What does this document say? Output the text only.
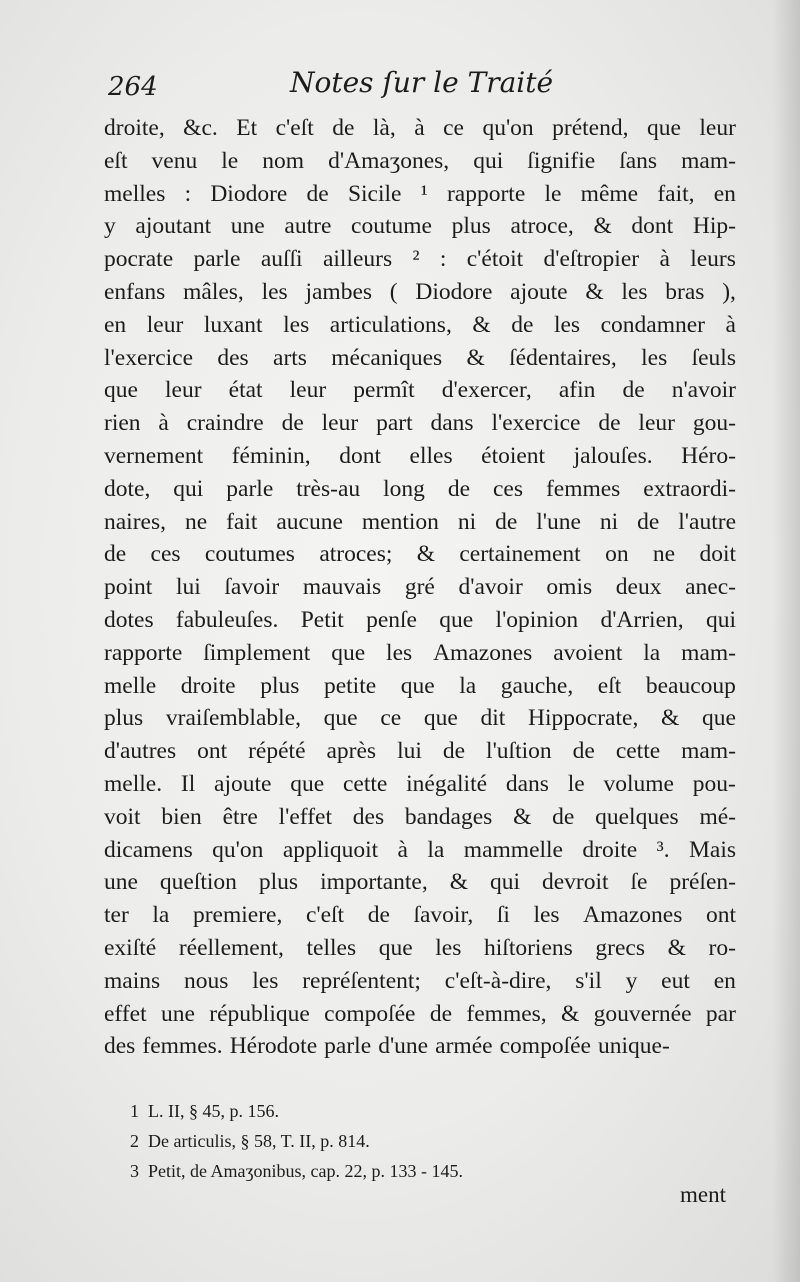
264	Notes ſur le Traité
droite, &c. Et c'eſt de là, à ce qu'on prétend, que leur
eſt venu le nom d'Amaʒones, qui ſignifie ſans mam-
melles : Diodore de Sicile ¹ rapporte le même fait, en
y ajoutant une autre coutume plus atroce, & dont Hip-
pocrate parle auſſi ailleurs ² : c'étoit d'eſtropier à leurs
enfans mâles, les jambes ( Diodore ajoute & les bras ),
en leur luxant les articulations, & de les condamner à
l'exercice des arts mécaniques & ſédentaires, les ſeuls
que leur état leur permît d'exercer, afin de n'avoir
rien à craindre de leur part dans l'exercice de leur gou-
vernement féminin, dont elles étoient jalouſes. Héro-
dote, qui parle très-au long de ces femmes extraordi-
naires, ne fait aucune mention ni de l'une ni de l'autre
de ces coutumes atroces; & certainement on ne doit
point lui ſavoir mauvais gré d'avoir omis deux anec-
dotes fabuleuſes. Petit penſe que l'opinion d'Arrien, qui
rapporte ſimplement que les Amazones avoient la mam-
melle droite plus petite que la gauche, eſt beaucoup
plus vraiſemblable, que ce que dit Hippocrate, & que
d'autres ont répété après lui de l'uſtion de cette mam-
melle. Il ajoute que cette inégalité dans le volume pou-
voit bien être l'effet des bandages & de quelques mé-
dicamens qu'on appliquoit à la mammelle droite ³. Mais
une queſtion plus importante, & qui devroit ſe préſen-
ter la premiere, c'eſt de ſavoir, ſi les Amazones ont
exiſté réellement, telles que les hiſtoriens grecs & ro-
mains nous les repréſentent; c'eſt-à-dire, s'il y eut en
effet une république compoſée de femmes, & gouvernée par
des femmes. Hérodote parle d'une armée compoſée unique-
1  L. II, § 45, p. 156.
2  De articulis, § 58, T. II, p. 814.
3  Petit, de Amaʒonibus, cap. 22, p. 133 - 145.
ment
